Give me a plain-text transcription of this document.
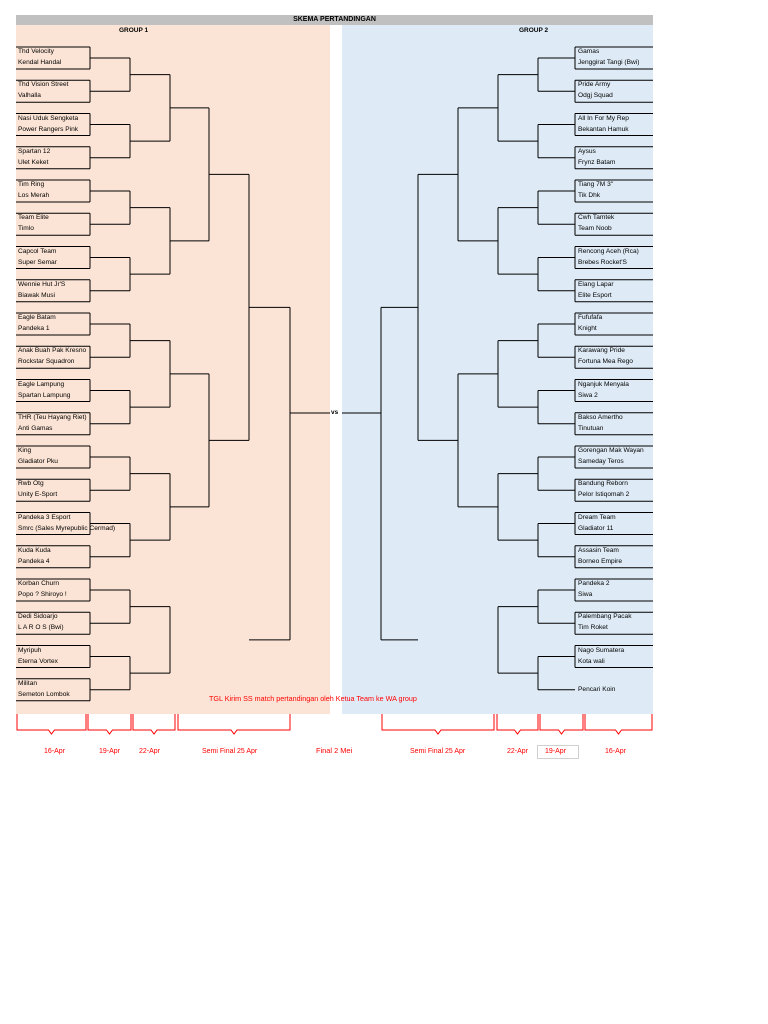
SKEMA PERTANDINGAN
GROUP 1	GROUP 2
Thd Velocity
Kendal Handal
Thd Vision Street
Valhalla
Nasi Uduk Sengketa
Power Rangers Pink
Spartan 12
Ulet Keket
Tim Ring
Los Merah
Team Elite
Timlo
Capcol Team
Super Semar
Wennie Hut Jr'S
Biawak Musi
Eagle Batam
Pandeka 1
Anak Buah Pak Kresno
Rockstar Squadron
Eagle Lampung
Spartan Lampung
THR (Teu Hayang Riet)
Anti Gamas
King
Gladiator Pku
Rwb Otg
Unity E-Sport
Pandeka 3 Esport
Smrc (Sales Myrepublic Cermad)
Kuda Kuda
Pandeka 4
Korban Churn
Popo ? Shiroyo !
Dedi Sidoarjo
L A R O S (Bwi)
Myripuh
Eterna Vortex
Militan
Semeton Lombok
Gamas
Jenggirat Tangi (Bwi)
Pride Army
Odgj Squad
All In For My Rep
Bekantan Hamuk
Aysus
Frynz Batam
Tiang 7M 3"
Tik Dhk
Cwh Tamtek
Team Noob
Rencong Aceh (Rca)
Brebes Rocket'S
Elang Lapar
Elite Esport
Fufufafa
Knight
Karawang Pride
Fortuna Mea Rego
Nganjuk Menyala
Siwa 2
Bakso Amertho
Tinutuan
Gorengan Mak Wayan
Sameday Teros
Bandung Reborn
Pelor Istiqomah 2
Dream Team
Gladiator 11
Assasin Team
Borneo Empire
Pandeka 2
Siwa
Palembang Pacak
Tim Roket
Nago Sumatera
Kota wali
Pencari Koin
vs
TGL Kirim SS match pertandingan oleh Ketua Team ke WA group
16-Apr	19-Apr	22-Apr	Semi Final 25 Apr	Final 2 Mei	Semi Final 25 Apr	22-Apr 19-Apr	16-Apr
